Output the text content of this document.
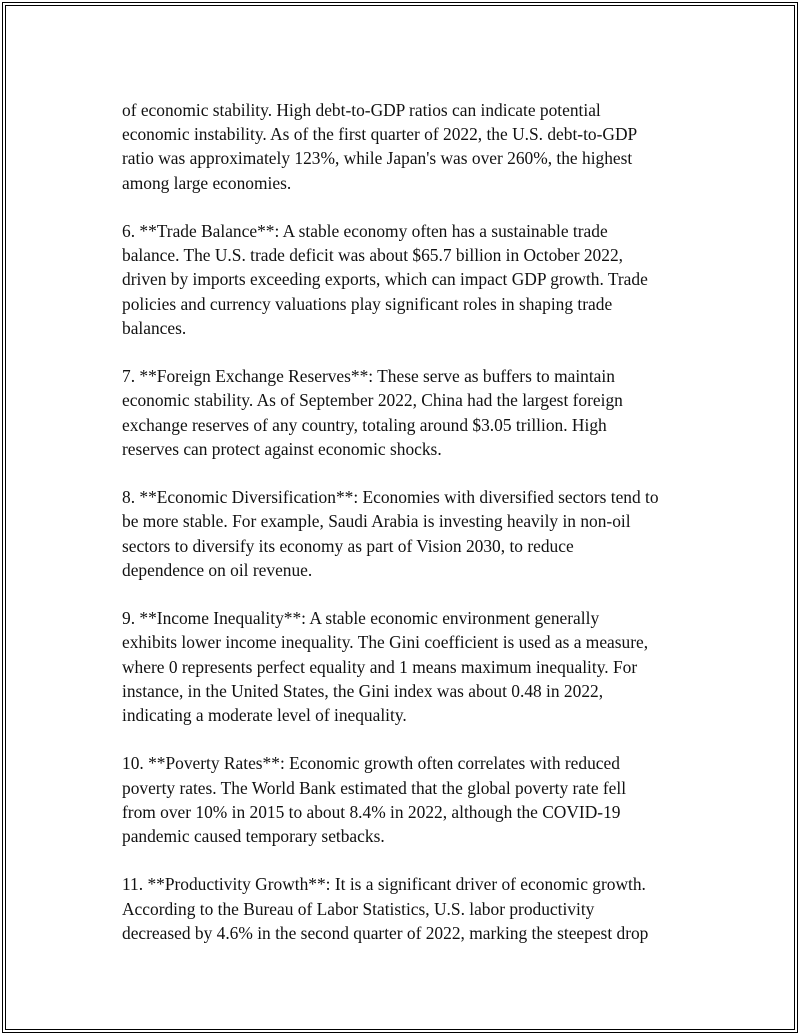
of economic stability. High debt-to-GDP ratios can indicate potential
economic instability. As of the first quarter of 2022, the U.S. debt-to-GDP
ratio was approximately 123%, while Japan's was over 260%, the highest
among large economies.

6. **Trade Balance**: A stable economy often has a sustainable trade
balance. The U.S. trade deficit was about $65.7 billion in October 2022,
driven by imports exceeding exports, which can impact GDP growth. Trade
policies and currency valuations play significant roles in shaping trade
balances.

7. **Foreign Exchange Reserves**: These serve as buffers to maintain
economic stability. As of September 2022, China had the largest foreign
exchange reserves of any country, totaling around $3.05 trillion. High
reserves can protect against economic shocks.

8. **Economic Diversification**: Economies with diversified sectors tend to
be more stable. For example, Saudi Arabia is investing heavily in non-oil
sectors to diversify its economy as part of Vision 2030, to reduce
dependence on oil revenue.

9. **Income Inequality**: A stable economic environment generally
exhibits lower income inequality. The Gini coefficient is used as a measure,
where 0 represents perfect equality and 1 means maximum inequality. For
instance, in the United States, the Gini index was about 0.48 in 2022,
indicating a moderate level of inequality.

10. **Poverty Rates**: Economic growth often correlates with reduced
poverty rates. The World Bank estimated that the global poverty rate fell
from over 10% in 2015 to about 8.4% in 2022, although the COVID-19
pandemic caused temporary setbacks.

11. **Productivity Growth**: It is a significant driver of economic growth.
According to the Bureau of Labor Statistics, U.S. labor productivity
decreased by 4.6% in the second quarter of 2022, marking the steepest drop
